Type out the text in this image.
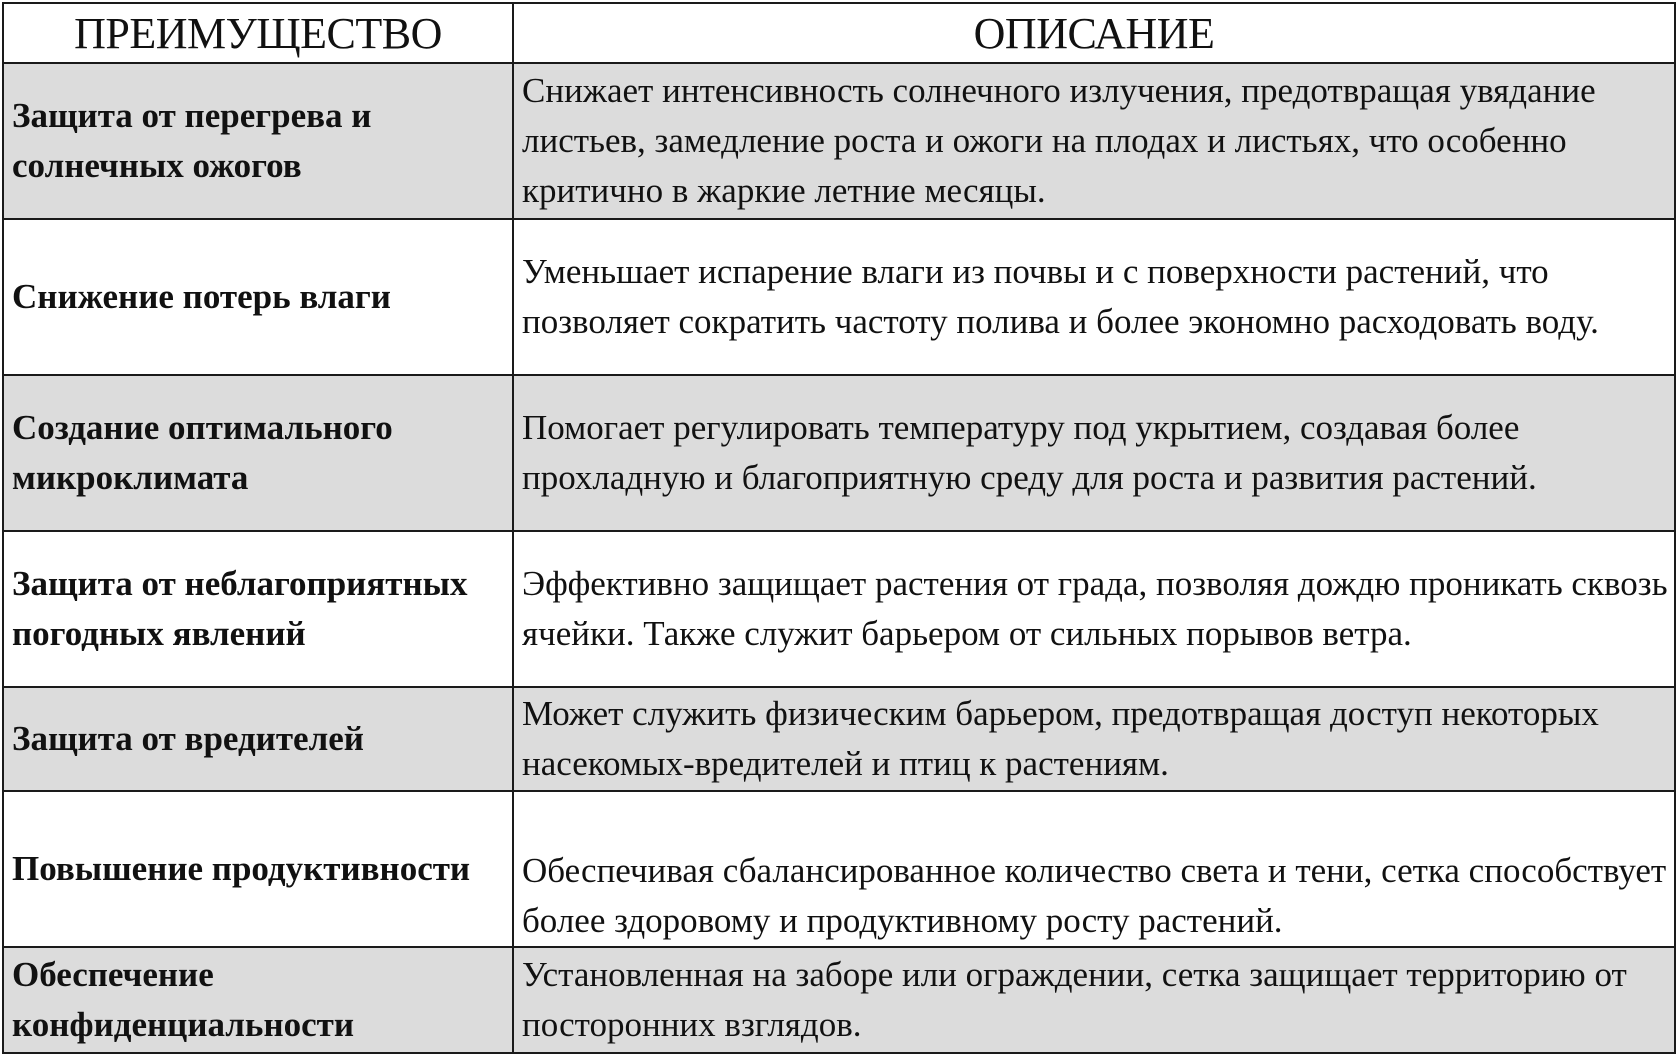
ПРЕИМУЩЕСТВО	ОПИСАНИЕ
Защита от перегрева и солнечных ожогов	Снижает интенсивность солнечного излучения, предотвращая увядание листьев, замедление роста и ожоги на плодах и листьях, что особенно критично в жаркие летние месяцы.
Снижение потерь влаги	Уменьшает испарение влаги из почвы и с поверхности растений, что позволяет сократить частоту полива и более экономно расходовать воду.
Создание оптимального микроклимата	Помогает регулировать температуру под укрытием, создавая более прохладную и благоприятную среду для роста и развития растений.
Защита от неблагоприятных погодных явлений	Эффективно защищает растения от града, позволяя дождю проникать сквозь ячейки. Также служит барьером от сильных порывов ветра.
Защита от вредителей	Может служить физическим барьером, предотвращая доступ некоторых насекомых-вредителей и птиц к растениям.
Повышение продуктивности	Обеспечивая сбалансированное количество света и тени, сетка способствует более здоровому и продуктивному росту растений.
Обеспечение конфиденциальности	Установленная на заборе или ограждении, сетка защищает территорию от посторонних взглядов.
